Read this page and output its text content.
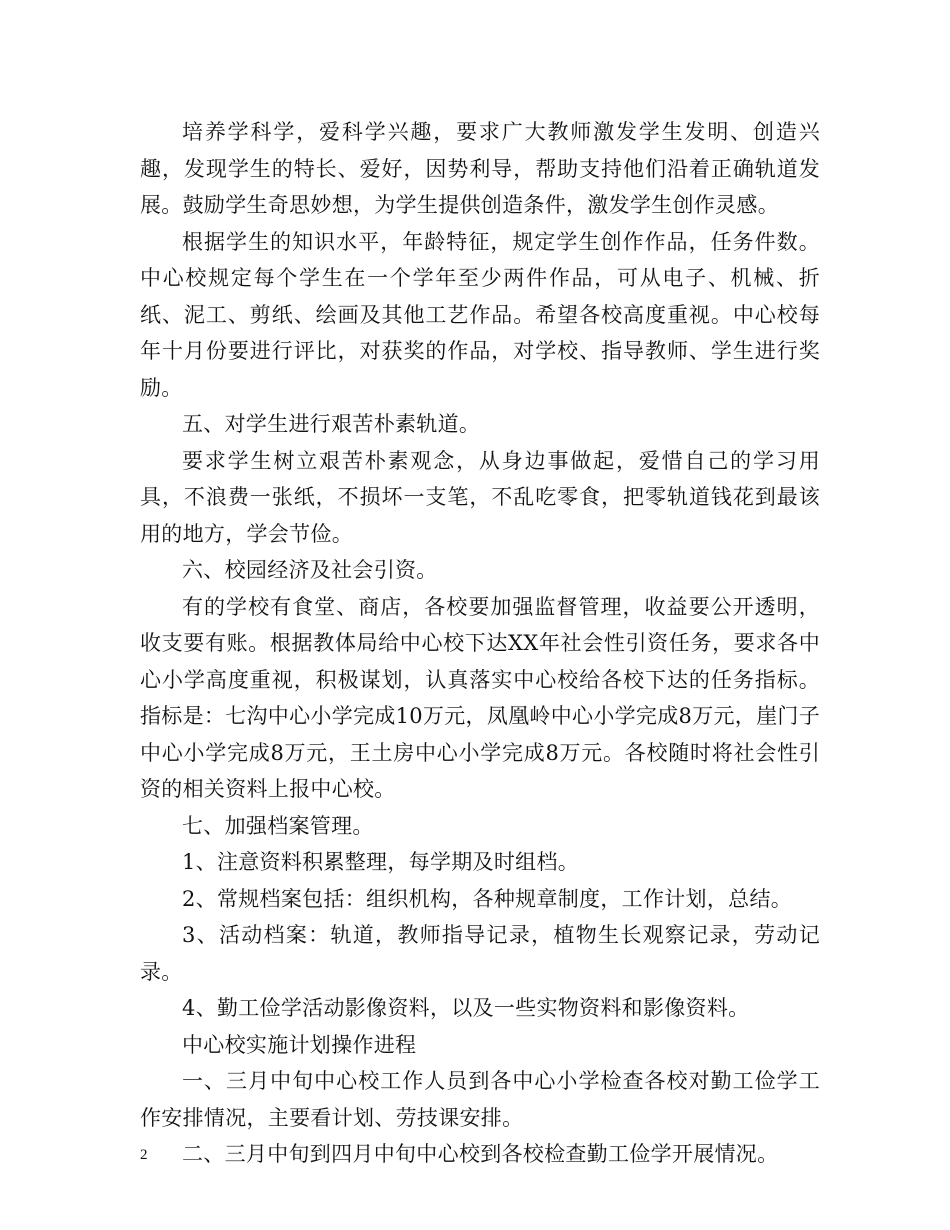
培养学科学，爱科学兴趣，要求广大教师激发学生发明、创造兴趣，发现学生的特长、爱好，因势利导，帮助支持他们沿着正确轨道发展。鼓励学生奇思妙想，为学生提供创造条件，激发学生创作灵感。

根据学生的知识水平，年龄特征，规定学生创作作品，任务件数。中心校规定每个学生在一个学年至少两件作品，可从电子、机械、折纸、泥工、剪纸、绘画及其他工艺作品。希望各校高度重视。中心校每年十月份要进行评比，对获奖的作品，对学校、指导教师、学生进行奖励。

五、对学生进行艰苦朴素轨道。

要求学生树立艰苦朴素观念，从身边事做起，爱惜自己的学习用具，不浪费一张纸，不损坏一支笔，不乱吃零食，把零轨道钱花到最该用的地方，学会节俭。

六、校园经济及社会引资。

有的学校有食堂、商店，各校要加强监督管理，收益要公开透明，收支要有账。根据教体局给中心校下达XX年社会性引资任务，要求各中心小学高度重视，积极谋划，认真落实中心校给各校下达的任务指标。指标是：七沟中心小学完成10万元，凤凰岭中心小学完成8万元，崖门子中心小学完成8万元，王土房中心小学完成8万元。各校随时将社会性引资的相关资料上报中心校。

七、加强档案管理。

1、注意资料积累整理，每学期及时组档。

2、常规档案包括：组织机构，各种规章制度，工作计划，总结。

3、活动档案：轨道，教师指导记录，植物生长观察记录，劳动记录。

4、勤工俭学活动影像资料，以及一些实物资料和影像资料。

中心校实施计划操作进程

一、三月中旬中心校工作人员到各中心小学检查各校对勤工俭学工作安排情况，主要看计划、劳技课安排。

二、三月中旬到四月中旬中心校到各校检查勤工俭学开展情况。

2
